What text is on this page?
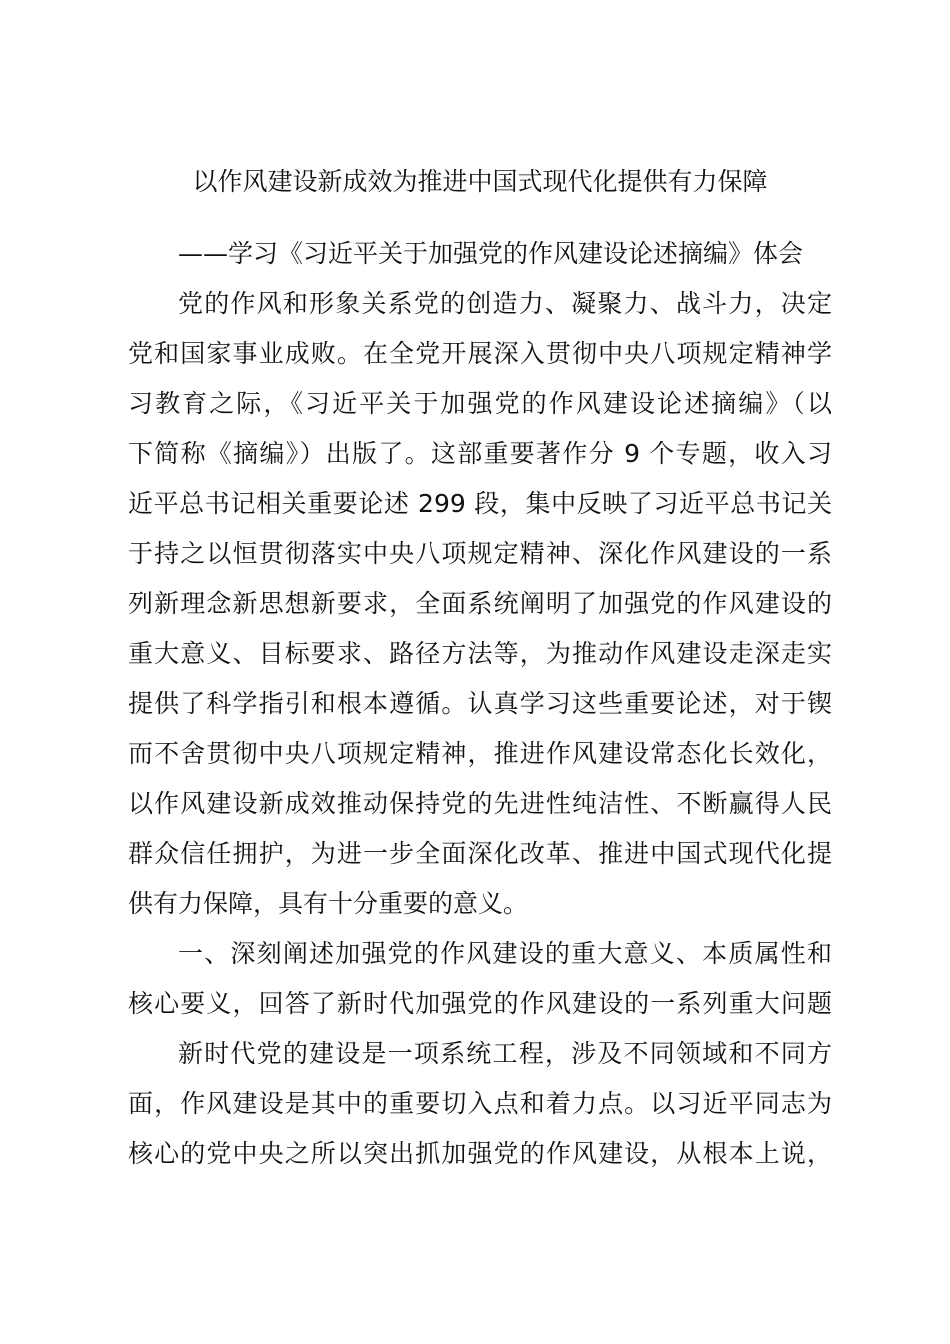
以作风建设新成效为推进中国式现代化提供有力保障
——学习《习近平关于加强党的作风建设论述摘编》体会
党的作风和形象关系党的创造力、凝聚力、战斗力，决定
党和国家事业成败。在全党开展深入贯彻中央八项规定精神学
习教育之际，《习近平关于加强党的作风建设论述摘编》（以
下简称《摘编》）出版了。这部重要著作分 9 个专题，收入习
近平总书记相关重要论述 299 段，集中反映了习近平总书记关
于持之以恒贯彻落实中央八项规定精神、深化作风建设的一系
列新理念新思想新要求，全面系统阐明了加强党的作风建设的
重大意义、目标要求、路径方法等，为推动作风建设走深走实
提供了科学指引和根本遵循。认真学习这些重要论述，对于锲
而不舍贯彻中央八项规定精神，推进作风建设常态化长效化，
以作风建设新成效推动保持党的先进性纯洁性、不断赢得人民
群众信任拥护，为进一步全面深化改革、推进中国式现代化提
供有力保障，具有十分重要的意义。
一、深刻阐述加强党的作风建设的重大意义、本质属性和
核心要义，回答了新时代加强党的作风建设的一系列重大问题
新时代党的建设是一项系统工程，涉及不同领域和不同方
面，作风建设是其中的重要切入点和着力点。以习近平同志为
核心的党中央之所以突出抓加强党的作风建设，从根本上说，
